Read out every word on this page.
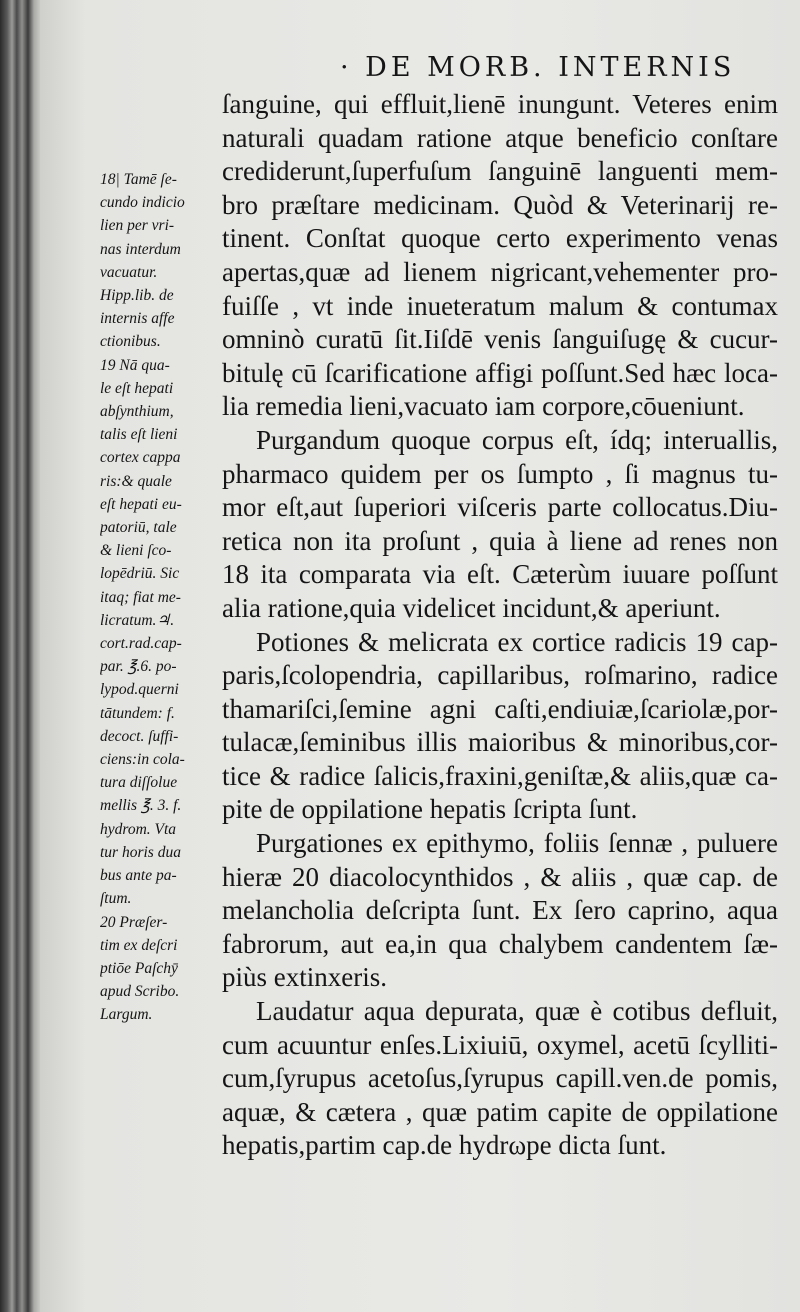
· DE MORB. INTERNIS
ſanguine, qui effluit,lienē inungunt. Veteres enim
naturali quadam ratione atque beneficio conſtare
crediderunt,ſuperfuſum ſanguinē languenti mem-
bro præſtare medicinam. Quòd & Veterinarij re-
tinent. Conſtat quoque certo experimento venas
apertas,quæ ad lienem nigricant,vehementer pro-
fuiſſe , vt inde inueteratum malum & contumax
omninò curatū ſit.Iiſdē venis ſanguiſugę & cucur-
bitulę cū ſcarificatione affigi poſſunt.Sed hæc loca-
lia remedia lieni,vacuato iam corpore,cōueniunt.
Purgandum quoque corpus eſt, ídq; interuallis,
pharmaco quidem per os ſumpto , ſi magnus tu-
mor eſt,aut ſuperiori viſceris parte collocatus.Diu-
retica non ita proſunt , quia à liene ad renes non
18 ita comparata via eſt. Cæterùm iuuare poſſunt
alia ratione,quia videlicet incidunt,& aperiunt.
Potiones & melicrata ex cortice radicis 19 cap-
paris,ſcolopendria, capillaribus, roſmarino, radice
thamariſci,ſemine agni caſti,endiuiæ,ſcariolæ,por-
tulacæ,ſeminibus illis maioribus & minoribus,cor-
tice & radice ſalicis,fraxini,geniſtæ,& aliis,quæ ca-
pite de oppilatione hepatis ſcripta ſunt.
Purgationes ex epithymo, foliis ſennæ , puluere
hieræ 20 diacolocynthidos , & aliis , quæ cap. de
melancholia deſcripta ſunt. Ex ſero caprino, aqua
fabrorum, aut ea,in qua chalybem candentem ſæ-
piùs extinxeris.
Laudatur aqua depurata, quæ è cotibus defluit,
cum acuuntur enſes.Lixiuiū, oxymel, acetū ſcylliti-
cum,ſyrupus acetoſus,ſyrupus capill.ven.de pomis,
aquæ, & cætera , quæ patim capite de oppilatione
hepatis,partim cap.de hydrωpe dicta ſunt.
18| Tamē ſe-
cundo indicio
lien per vri-
nas interdum
vacuatur.
Hipp.lib. de
internis affe
ctionibus.
19 Nā qua-
le eſt hepati
abſynthium,
talis eſt lieni
cortex cappa
ris:& quale
eſt hepati eu-
patoriū, tale
& lieni ſco-
lopēdriū. Sic
itaq; fiat me-
licratum.♃.
cort.rad.cap-
par. ℥.6. po-
lypod.querni
tātundem: f.
decoct. ſuffi-
ciens:in cola-
tura diſſolue
mellis ℥. 3. f.
hydrom. Vta
tur horis dua
bus ante pa-
ſtum.
20 Præſer-
tim ex deſcri
ptiōe Paſchȳ
apud Scribo.
Largum.
